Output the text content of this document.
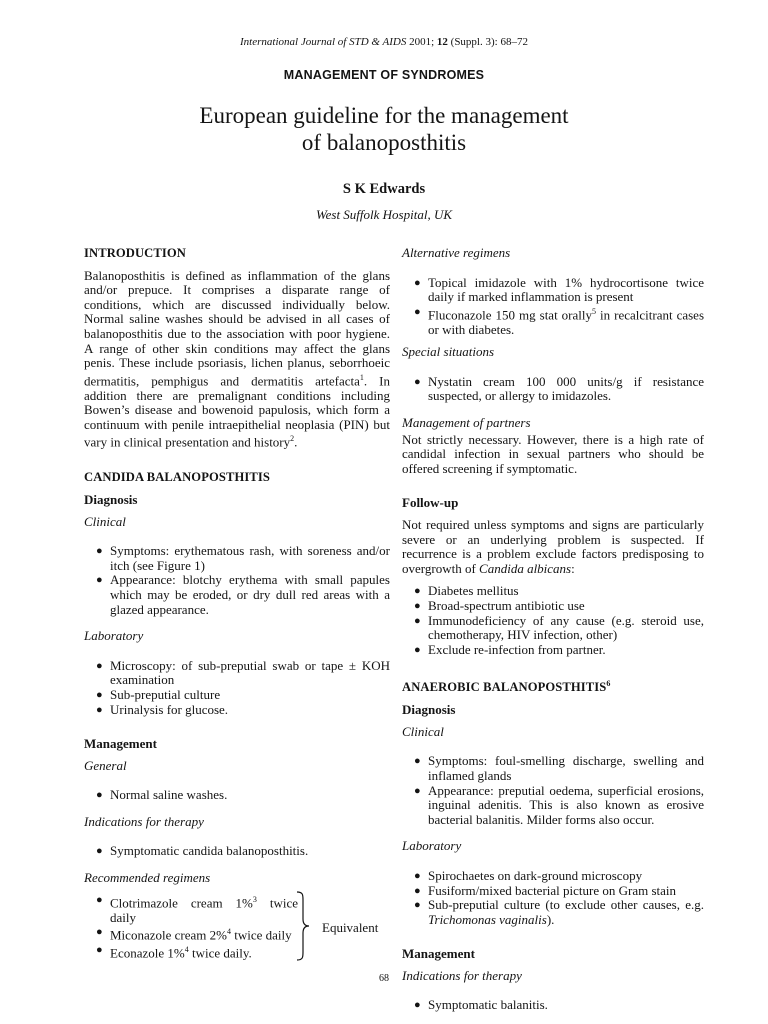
International Journal of STD & AIDS 2001; 12 (Suppl. 3): 68–72
MANAGEMENT OF SYNDROMES
European guideline for the management
of balanoposthitis
S K Edwards
West Suffolk Hospital, UK
INTRODUCTION

Balanoposthitis is defined as inflammation of the glans and/or prepuce. It comprises a disparate range of conditions, which are discussed individually below. Normal saline washes should be advised in all cases of balanoposthitis due to the association with poor hygiene. A range of other skin conditions may affect the glans penis. These include psoriasis, lichen planus, seborrhoeic dermatitis, pemphigus and dermatitis artefacta$^1$. In addition there are premalignant conditions including Bowen’s disease and bowenoid papulosis, which form a continuum with penile intraepithelial neoplasia (PIN) but vary in clinical presentation and history$^2$.

CANDIDA BALANOPOSTHITIS
Diagnosis
Clinical
● Symptoms: erythematous rash, with soreness and/or itch (see Figure 1)
● Appearance: blotchy erythema with small papules which may be eroded, or dry dull red areas with a glazed appearance.
Laboratory
● Microscopy: of sub-preputial swab or tape ± KOH examination
● Sub-preputial culture
● Urinalysis for glucose.
Management
General
● Normal saline washes.
Indications for therapy
● Symptomatic candida balanoposthitis.
Recommended regimens
● Clotrimazole cream 1%$^3$ twice daily
● Miconazole cream 2%$^4$ twice daily
● Econazole 1%$^4$ twice daily.
Equivalent
Alternative regimens
● Topical imidazole with 1% hydrocortisone twice daily if marked inflammation is present
● Fluconazole 150 mg stat orally$^5$ in recalcitrant cases or with diabetes.
Special situations
● Nystatin cream 100 000 units/g if resistance suspected, or allergy to imidazoles.
Management of partners

Not strictly necessary. However, there is a high rate of candidal infection in sexual partners who should be offered screening if symptomatic.

Follow-up

Not required unless symptoms and signs are particularly severe or an underlying problem is suspected. If recurrence is a problem exclude factors predisposing to overgrowth of Candida albicans:

● Diabetes mellitus
● Broad-spectrum antibiotic use
● Immunodeficiency of any cause (e.g. steroid use, chemotherapy, HIV infection, other)
● Exclude re-infection from partner.
ANAEROBIC BALANOPOSTHITIS$^6$
Diagnosis
Clinical
● Symptoms: foul-smelling discharge, swelling and inflamed glands
● Appearance: preputial oedema, superficial erosions, inguinal adenitis. This is also known as erosive bacterial balanitis. Milder forms also occur.
Laboratory
● Spirochaetes on dark-ground microscopy
● Fusiform/mixed bacterial picture on Gram stain
● Sub-preputial culture (to exclude other causes, e.g. Trichomonas vaginalis).
Management
Indications for therapy
● Symptomatic balanitis.
68
